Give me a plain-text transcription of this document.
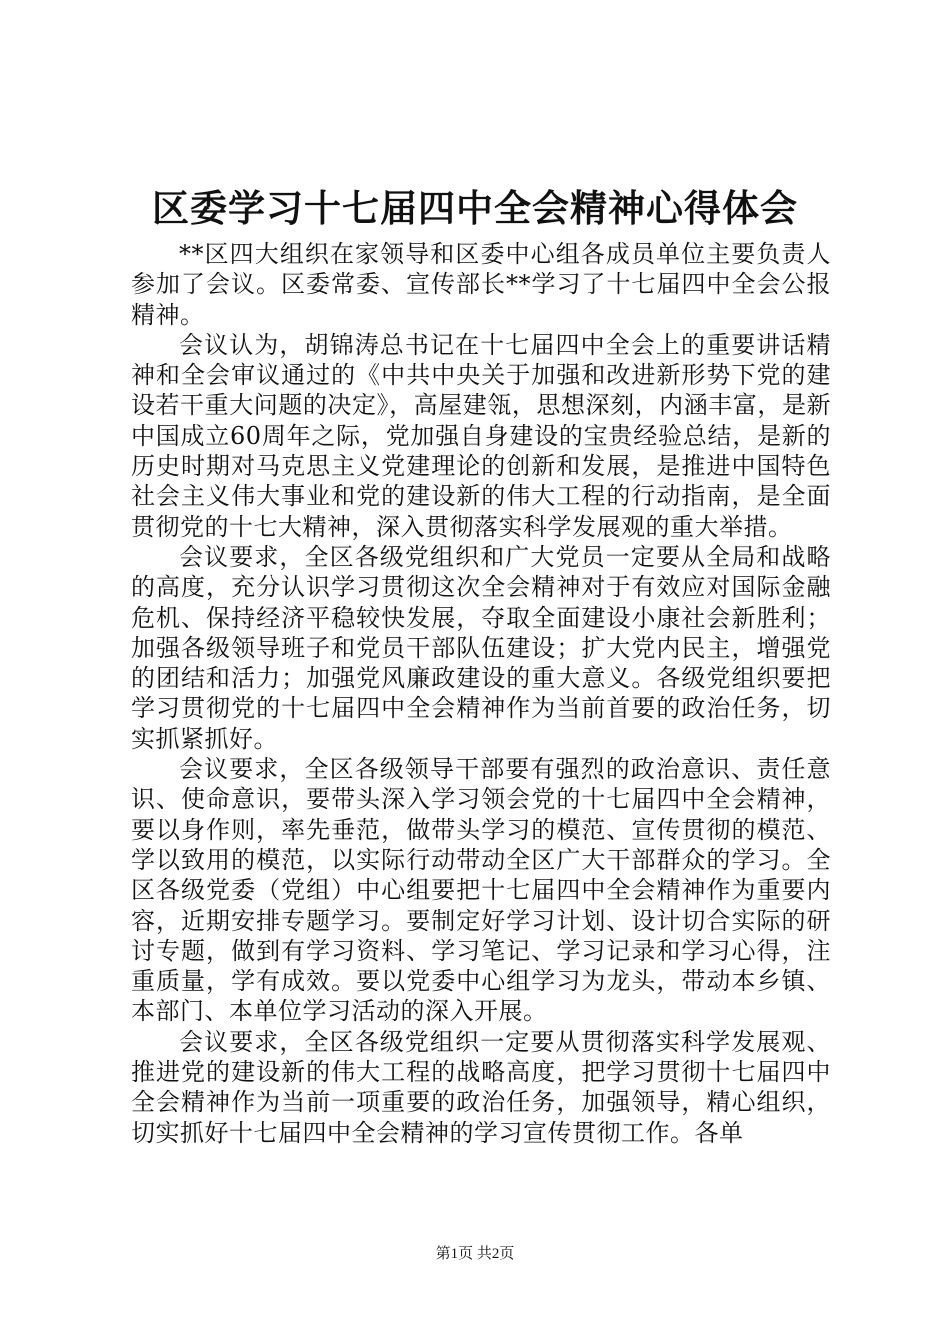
区委学习十七届四中全会精神心得体会

**区四大组织在家领导和区委中心组各成员单位主要负责人参加了会议。区委常委、宣传部长**学习了十七届四中全会公报精神。

会议认为，胡锦涛总书记在十七届四中全会上的重要讲话精神和全会审议通过的《中共中央关于加强和改进新形势下党的建设若干重大问题的决定》，高屋建瓴，思想深刻，内涵丰富，是新中国成立60周年之际，党加强自身建设的宝贵经验总结，是新的历史时期对马克思主义党建理论的创新和发展，是推进中国特色社会主义伟大事业和党的建设新的伟大工程的行动指南，是全面贯彻党的十七大精神，深入贯彻落实科学发展观的重大举措。

会议要求，全区各级党组织和广大党员一定要从全局和战略的高度，充分认识学习贯彻这次全会精神对于有效应对国际金融危机、保持经济平稳较快发展，夺取全面建设小康社会新胜利；加强各级领导班子和党员干部队伍建设；扩大党内民主，增强党的团结和活力；加强党风廉政建设的重大意义。各级党组织要把学习贯彻党的十七届四中全会精神作为当前首要的政治任务，切实抓紧抓好。

会议要求，全区各级领导干部要有强烈的政治意识、责任意识、使命意识，要带头深入学习领会党的十七届四中全会精神，要以身作则，率先垂范，做带头学习的模范、宣传贯彻的模范、学以致用的模范，以实际行动带动全区广大干部群众的学习。全区各级党委（党组）中心组要把十七届四中全会精神作为重要内容，近期安排专题学习。要制定好学习计划、设计切合实际的研讨专题，做到有学习资料、学习笔记、学习记录和学习心得，注重质量，学有成效。要以党委中心组学习为龙头，带动本乡镇、本部门、本单位学习活动的深入开展。

会议要求，全区各级党组织一定要从贯彻落实科学发展观、推进党的建设新的伟大工程的战略高度，把学习贯彻十七届四中全会精神作为当前一项重要的政治任务，加强领导，精心组织，切实抓好十七届四中全会精神的学习宣传贯彻工作。各单

第1页 共2页
